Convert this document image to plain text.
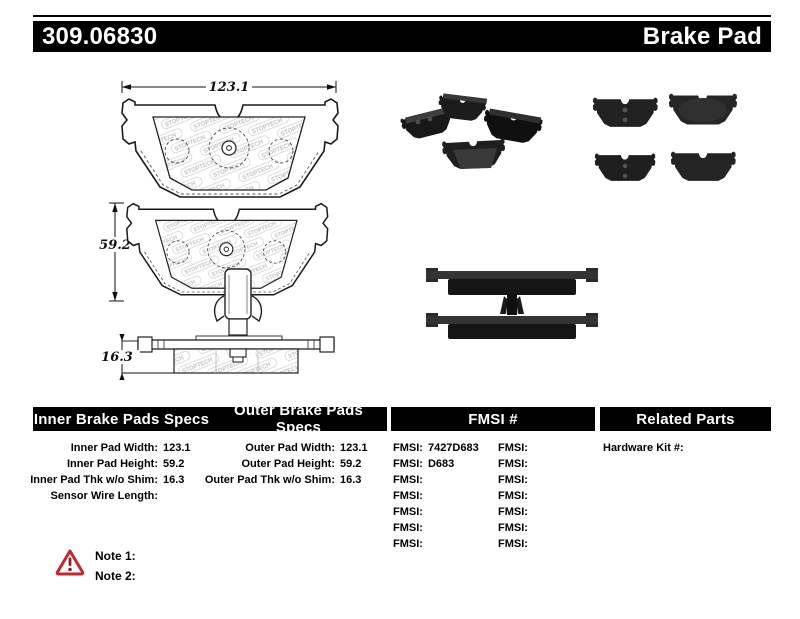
309.06830	Brake Pad
123.1
59.2
16.3
Inner Brake Pads Specs	Outer Brake Pads Specs	FMSI #	Related Parts
Inner Pad Width: 123.1
Inner Pad Height: 59.2
Inner Pad Thk w/o Shim: 16.3
Sensor Wire Length:
Outer Pad Width: 123.1
Outer Pad Height: 59.2
Outer Pad Thk w/o Shim: 16.3
FMSI: 7427D683
FMSI: D683
FMSI:
FMSI:
FMSI:
FMSI:
FMSI:
FMSI:
FMSI:
FMSI:
FMSI:
FMSI:
FMSI:
FMSI:
Hardware Kit #:
Note 1:
Note 2:
